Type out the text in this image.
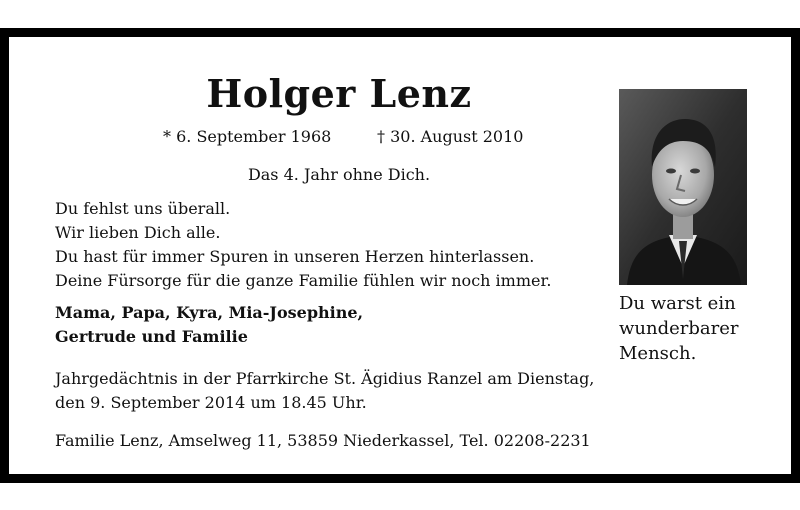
Holger Lenz
* 6. September 1968	† 30. August 2010
Das 4. Jahr ohne Dich.
Du fehlst uns überall.
Wir lieben Dich alle.
Du hast für immer Spuren in unseren Herzen hinterlassen.
Deine Fürsorge für die ganze Familie fühlen wir noch immer.
Mama, Papa, Kyra, Mia-Josephine,
Gertrude und Familie
Jahrgedächtnis in der Pfarrkirche St. Ägidius Ranzel am Dienstag,
den 9. September 2014 um 18.45 Uhr.
Familie Lenz, Amselweg 11, 53859 Niederkassel, Tel. 02208-2231
Du warst ein
wunderbarer
Mensch.
